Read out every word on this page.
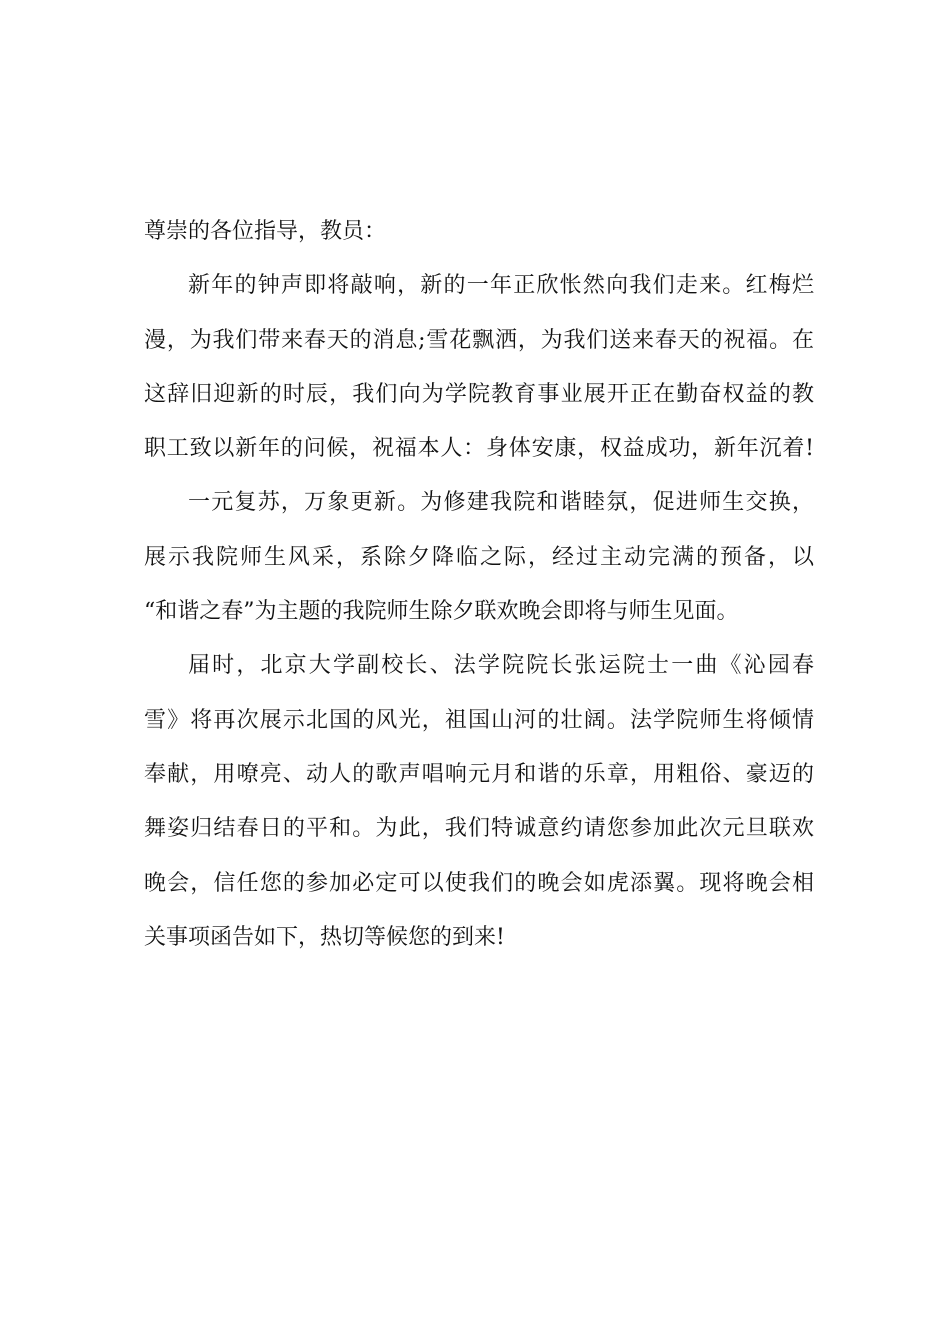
尊崇的各位指导，教员：
新年的钟声即将敲响，新的一年正欣怅然向我们走来。红梅烂
漫，为我们带来春天的消息;雪花飘洒，为我们送来春天的祝福。在
这辞旧迎新的时辰，我们向为学院教育事业展开正在勤奋权益的教
职工致以新年的问候，祝福本人：身体安康，权益成功，新年沉着!
一元复苏，万象更新。为修建我院和谐睦氛，促进师生交换，
展示我院师生风采，系除夕降临之际，经过主动完满的预备，以
“和谐之春”为主题的我院师生除夕联欢晚会即将与师生见面。
届时，北京大学副校长、法学院院长张运院士一曲《沁园春
雪》将再次展示北国的风光，祖国山河的壮阔。法学院师生将倾情
奉献，用嘹亮、动人的歌声唱响元月和谐的乐章，用粗俗、豪迈的
舞姿归结春日的平和。为此，我们特诚意约请您参加此次元旦联欢
晚会，信任您的参加必定可以使我们的晚会如虎添翼。现将晚会相
关事项函告如下，热切等候您的到来!
